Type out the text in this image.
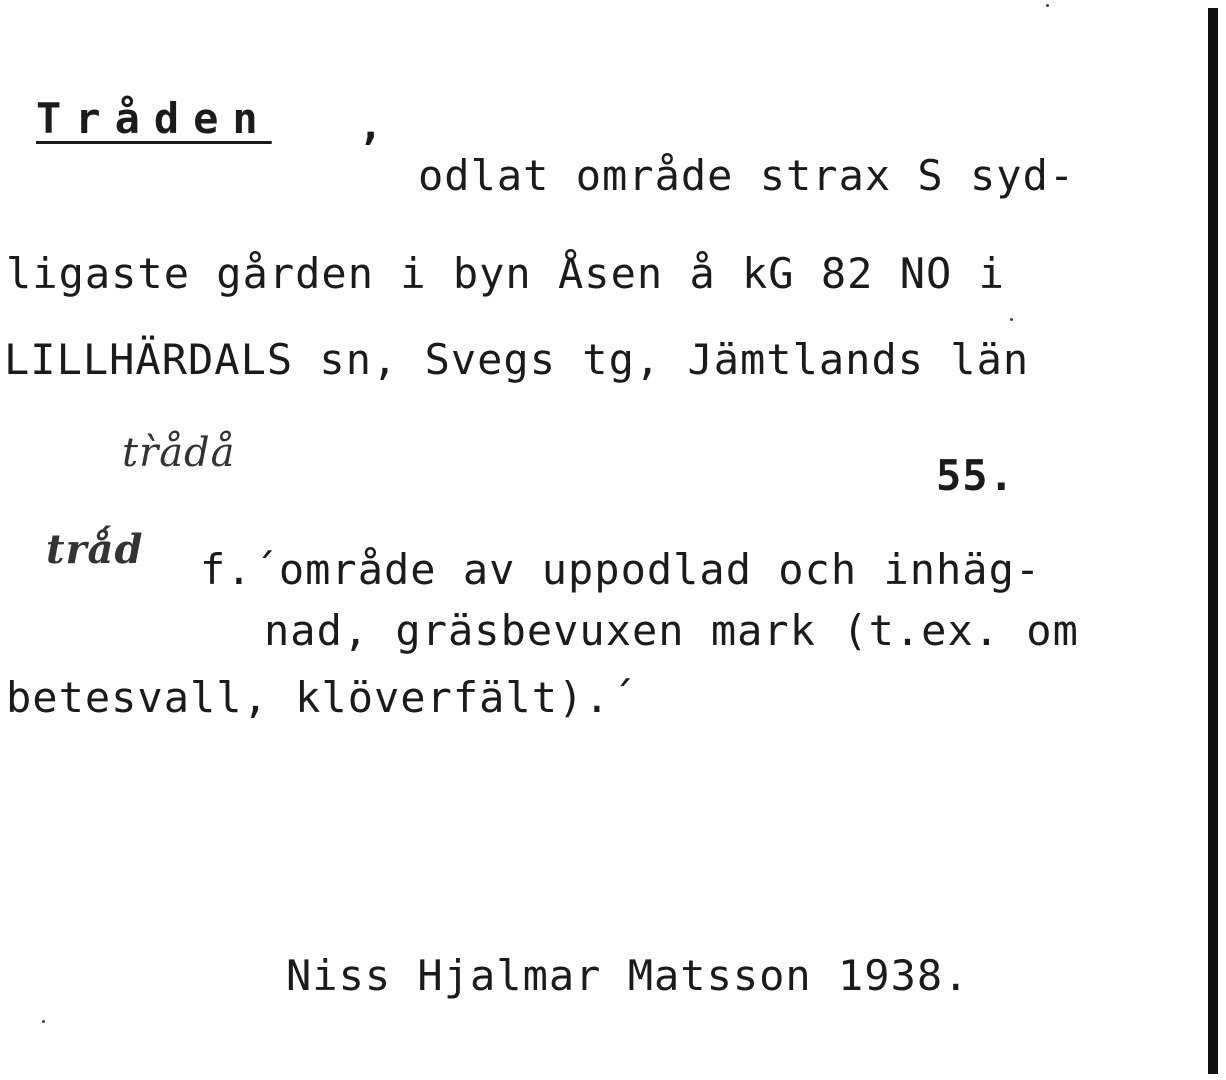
Tråden ,
odlat område strax S syd-
ligaste gården i byn Åsen å kG 82 NO i
LILLHÄRDALS sn, Svegs tg, Jämtlands län
tr̀ådå	55.
trǻd f.´område av uppodlad och inhäg-
nad, gräsbevuxen mark (t.ex. om
betesvall, klöverfält).´
Niss Hjalmar Matsson 1938.
